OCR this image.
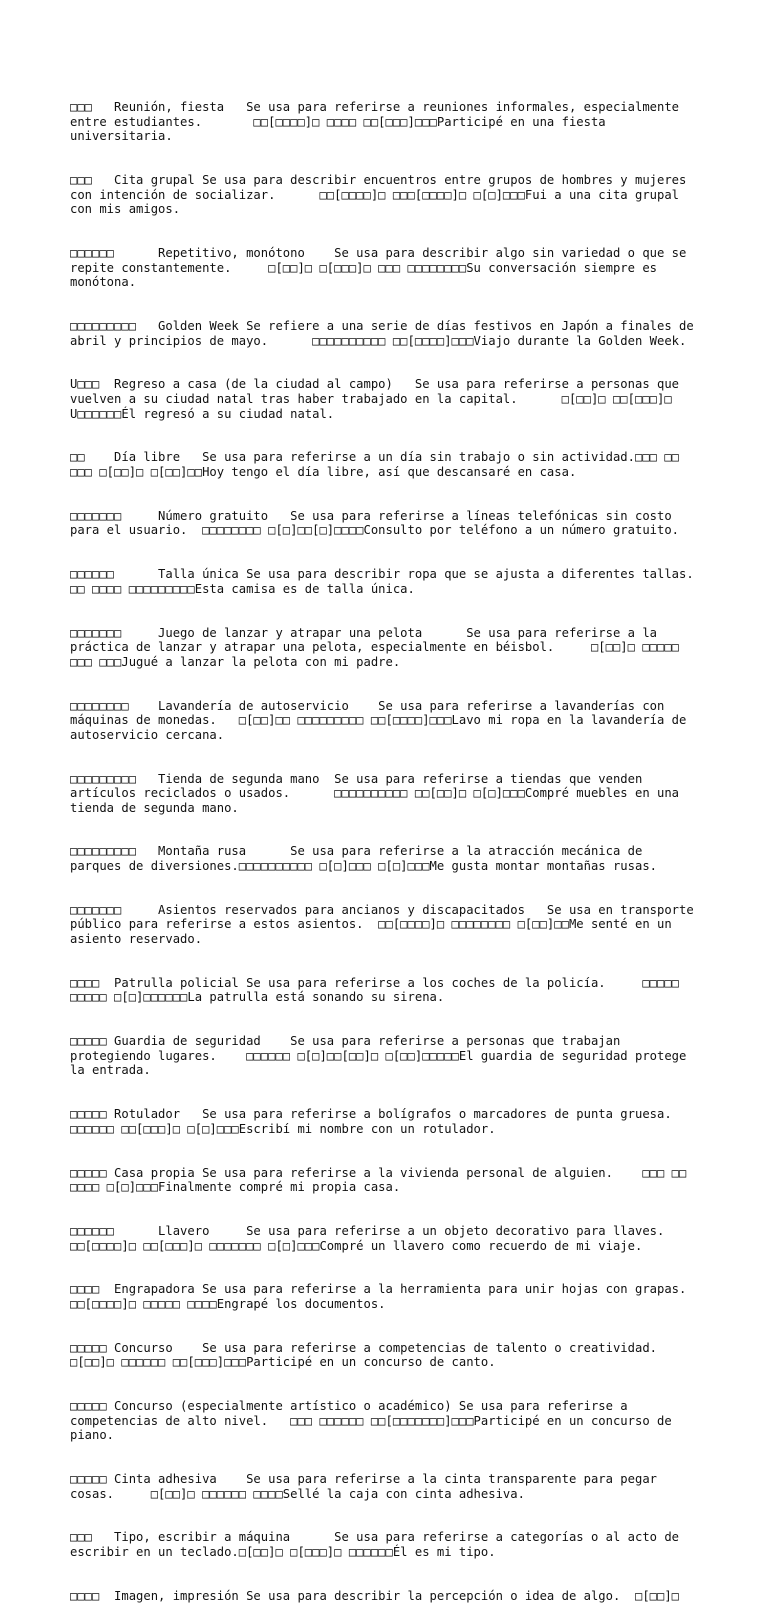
□□□   Reunión, fiesta   Se usa para referirse a reuniones informales, especialmente entre estudiantes.       □□[□□□□]□ □□□□ □□[□□□]□□□Participé en una fiesta universitaria.

□□□   Cita grupal Se usa para describir encuentros entre grupos de hombres y mujeres con intención de socializar.      □□[□□□□]□ □□□[□□□□]□ □[□]□□□Fui a una cita grupal con mis amigos.

□□□□□□      Repetitivo, monótono    Se usa para describir algo sin variedad o que se repite constantemente.     □[□□]□ □[□□□]□ □□□ □□□□□□□□Su conversación siempre es monótona.

□□□□□□□□□   Golden Week Se refiere a una serie de días festivos en Japón a finales de abril y principios de mayo.      □□□□□□□□□□ □□[□□□□]□□□Viajo durante la Golden Week.

U□□□  Regreso a casa (de la ciudad al campo)   Se usa para referirse a personas que vuelven a su ciudad natal tras haber trabajado en la capital.      □[□□]□ □□[□□□]□ U□□□□□□Él regresó a su ciudad natal.

□□    Día libre   Se usa para referirse a un día sin trabajo o sin actividad.□□□ □□ □□□ □[□□]□ □[□□]□□Hoy tengo el día libre, así que descansaré en casa.

□□□□□□□     Número gratuito   Se usa para referirse a líneas telefónicas sin costo para el usuario.  □□□□□□□□ □[□]□□[□]□□□□Consulto por teléfono a un número gratuito.

□□□□□□      Talla única Se usa para describir ropa que se ajusta a diferentes tallas.      □□ □□□□ □□□□□□□□□Esta camisa es de talla única.

□□□□□□□     Juego de lanzar y atrapar una pelota      Se usa para referirse a la práctica de lanzar y atrapar una pelota, especialmente en béisbol.     □[□□]□ □□□□□ □□□ □□□Jugué a lanzar la pelota con mi padre.

□□□□□□□□    Lavandería de autoservicio    Se usa para referirse a lavanderías con máquinas de monedas.   □[□□]□□ □□□□□□□□□ □□[□□□□]□□□Lavo mi ropa en la lavandería de autoservicio cercana.

□□□□□□□□□   Tienda de segunda mano  Se usa para referirse a tiendas que venden artículos reciclados o usados.      □□□□□□□□□□ □□[□□]□ □[□]□□□Compré muebles en una tienda de segunda mano.

□□□□□□□□□   Montaña rusa      Se usa para referirse a la atracción mecánica de parques de diversiones.□□□□□□□□□□ □[□]□□□ □[□]□□□Me gusta montar montañas rusas.

□□□□□□□     Asientos reservados para ancianos y discapacitados   Se usa en transporte público para referirse a estos asientos.  □□[□□□□]□ □□□□□□□□ □[□□]□□Me senté en un asiento reservado.

□□□□  Patrulla policial Se usa para referirse a los coches de la policía.     □□□□□ □□□□□ □[□]□□□□□□La patrulla está sonando su sirena.

□□□□□ Guardia de seguridad    Se usa para referirse a personas que trabajan protegiendo lugares.    □□□□□□ □[□]□□[□□]□ □[□□]□□□□□El guardia de seguridad protege la entrada.

□□□□□ Rotulador   Se usa para referirse a bolígrafos o marcadores de punta gruesa.       □□□□□□ □□[□□□]□ □[□]□□□Escribí mi nombre con un rotulador.

□□□□□ Casa propia Se usa para referirse a la vivienda personal de alguien.    □□□ □□ □□□□ □[□]□□□Finalmente compré mi propia casa.

□□□□□□      Llavero     Se usa para referirse a un objeto decorativo para llaves.       □□[□□□□]□ □□[□□□]□ □□□□□□□ □[□]□□□Compré un llavero como recuerdo de mi viaje.

□□□□  Engrapadora Se usa para referirse a la herramienta para unir hojas con grapas.     □□[□□□□]□ □□□□□ □□□□Engrapé los documentos.

□□□□□ Concurso    Se usa para referirse a competencias de talento o creatividad.       □[□□]□ □□□□□□ □□[□□□]□□□Participé en un concurso de canto.

□□□□□ Concurso (especialmente artístico o académico) Se usa para referirse a competencias de alto nivel.   □□□ □□□□□□ □□[□□□□□□□]□□□Participé en un concurso de piano.

□□□□□ Cinta adhesiva    Se usa para referirse a la cinta transparente para pegar cosas.     □[□□]□ □□□□□□ □□□□Sellé la caja con cinta adhesiva.

□□□   Tipo, escribir a máquina      Se usa para referirse a categorías o al acto de escribir en un teclado.□[□□]□ □[□□□]□ □□□□□□Él es mi tipo.

□□□□  Imagen, impresión Se usa para describir la percepción o idea de algo.  □[□□]□
